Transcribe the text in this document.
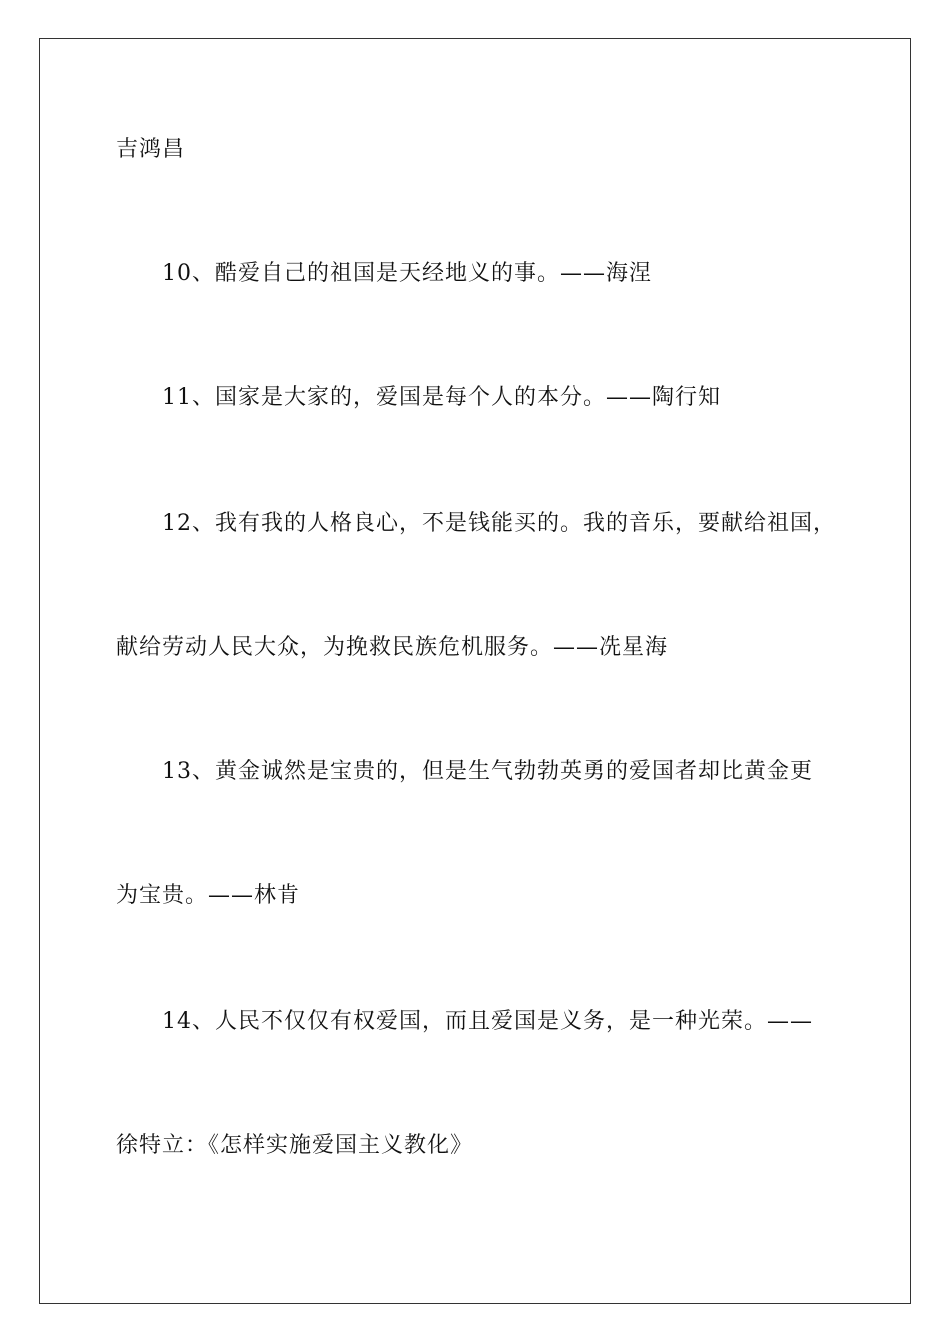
吉鸿昌
10、酷爱自己的祖国是天经地义的事。——海涅
11、国家是大家的，爱国是每个人的本分。——陶行知
12、我有我的人格良心，不是钱能买的。我的音乐，要献给祖国，
献给劳动人民大众，为挽救民族危机服务。——冼星海
13、黄金诚然是宝贵的，但是生气勃勃英勇的爱国者却比黄金更
为宝贵。——林肯
14、人民不仅仅有权爱国，而且爱国是义务，是一种光荣。——
徐特立：《怎样实施爱国主义教化》
